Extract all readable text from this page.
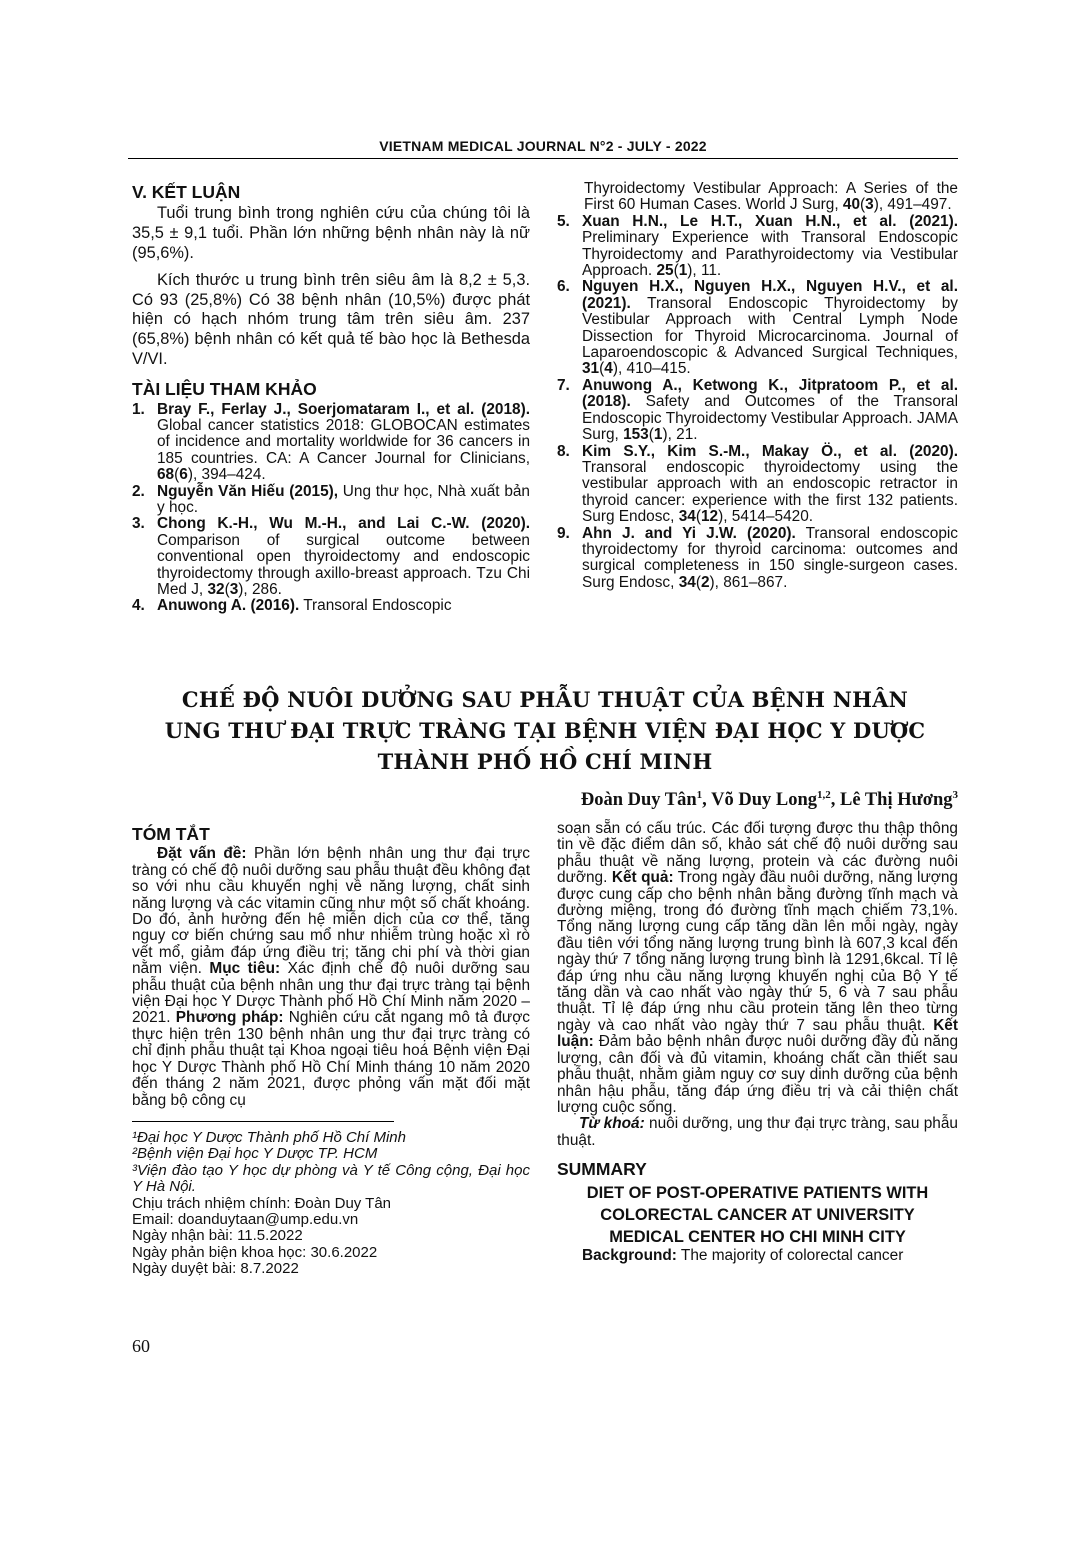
VIETNAM MEDICAL JOURNAL N°2 - JULY - 2022
V. KẾT LUẬN

Tuổi trung bình trong nghiên cứu của chúng tôi là 35,5 ± 9,1 tuổi. Phần lớn những bệnh nhân này là nữ (95,6%).

Kích thước u trung bình trên siêu âm là 8,2 ± 5,3. Có 93 (25,8%) Có 38 bệnh nhân (10,5%) được phát hiện có hạch nhóm trung tâm trên siêu âm. 237 (65,8%) bệnh nhân có kết quả tế bào học là Bethesda V/VI.

TÀI LIỆU THAM KHẢO
1. Bray F., Ferlay J., Soerjomataram I., et al. (2018). Global cancer statistics 2018: GLOBOCAN estimates of incidence and mortality worldwide for 36 cancers in 185 countries. CA: A Cancer Journal for Clinicians, 68(6), 394–424.
2. Nguyễn Văn Hiếu (2015), Ung thư học, Nhà xuất bản y học.
3. Chong K.-H., Wu M.-H., and Lai C.-W. (2020). Comparison of surgical outcome between conventional open thyroidectomy and endoscopic thyroidectomy through axillo-breast approach. Tzu Chi Med J, 32(3), 286.
4. Anuwong A. (2016). Transoral Endoscopic
Thyroidectomy Vestibular Approach: A Series of the First 60 Human Cases. World J Surg, 40(3), 491–497.
5. Xuan H.N., Le H.T., Xuan H.N., et al. (2021). Preliminary Experience with Transoral Endoscopic Thyroidectomy and Parathyroidectomy via Vestibular Approach. 25(1), 11.
6. Nguyen H.X., Nguyen H.X., Nguyen H.V., et al. (2021). Transoral Endoscopic Thyroidectomy by Vestibular Approach with Central Lymph Node Dissection for Thyroid Microcarcinoma. Journal of Laparoendoscopic & Advanced Surgical Techniques, 31(4), 410–415.
7. Anuwong A., Ketwong K., Jitpratoom P., et al. (2018). Safety and Outcomes of the Transoral Endoscopic Thyroidectomy Vestibular Approach. JAMA Surg, 153(1), 21.
8. Kim S.Y., Kim S.-M., Makay Ö., et al. (2020). Transoral endoscopic thyroidectomy using the vestibular approach with an endoscopic retractor in thyroid cancer: experience with the first 132 patients. Surg Endosc, 34(12), 5414–5420.
9. Ahn J. and Yi J.W. (2020). Transoral endoscopic thyroidectomy for thyroid carcinoma: outcomes and surgical completeness in 150 single-surgeon cases. Surg Endosc, 34(2), 861–867.
CHẾ ĐỘ NUÔI DƯỞNG SAU PHẪU THUẬT CỦA BỆNH NHÂN
UNG THƯ ĐẠI TRỰC TRÀNG TẠI BỆNH VIỆN ĐẠI HỌC Y DƯỢC
THÀNH PHỐ HỒ CHÍ MINH
Đoàn Duy Tân$^1$, Võ Duy Long$^{1,2}$, Lê Thị Hương$^3$
TÓM TẮT

Đặt vấn đề: Phần lớn bệnh nhân ung thư đại trực tràng có chế độ nuôi dưỡng sau phẫu thuật đều không đạt so với nhu cầu khuyến nghị về năng lượng, chất sinh năng lượng và các vitamin cũng như một số chất khoáng. Do đó, ảnh hưởng đến hệ miễn dịch của cơ thể, tăng nguy cơ biến chứng sau mổ như nhiễm trùng hoặc xì rò vết mổ, giảm đáp ứng điều trị; tăng chi phí và thời gian nằm viện. Mục tiêu: Xác định chế độ nuôi dưỡng sau phẫu thuật của bệnh nhân ung thư đại trực tràng tại bệnh viện Đại học Y Dược Thành phố Hồ Chí Minh năm 2020 – 2021. Phương pháp: Nghiên cứu cắt ngang mô tả được thực hiện trên 130 bệnh nhân ung thư đại trực tràng có chỉ định phẫu thuật tại Khoa ngoại tiêu hoá Bệnh viện Đại học Y Dược Thành phố Hồ Chí Minh tháng 10 năm 2020 đến tháng 2 năm 2021, được phỏng vấn mặt đối mặt bằng bộ công cụ

¹Đại học Y Dược Thành phố Hồ Chí Minh

²Bệnh viện Đại học Y Dược TP. HCM

³Viện đào tạo Y học dự phòng và Y tế Công cộng, Đại học Y Hà Nội.

Chịu trách nhiệm chính: Đoàn Duy Tân

Email: doanduytaan@ump.edu.vn

Ngày nhận bài: 11.5.2022

Ngày phản biện khoa học: 30.6.2022

Ngày duyệt bài: 8.7.2022

soạn sẵn có cấu trúc. Các đối tượng được thu thập thông tin về đặc điểm dân số, khảo sát chế độ nuôi dưỡng sau phẫu thuật về năng lượng, protein và các đường nuôi dưỡng. Kết quả: Trong ngày đầu nuôi dưỡng, năng lượng được cung cấp cho bệnh nhân bằng đường tĩnh mạch và đường miệng, trong đó đường tĩnh mạch chiếm 73,1%. Tổng năng lượng cung cấp tăng dần lên mỗi ngày, ngày đầu tiên với tổng năng lượng trung bình là 607,3 kcal đến ngày thứ 7 tổng năng lượng trung bình là 1291,6kcal. Tỉ lệ đáp ứng nhu cầu năng lượng khuyến nghị của Bộ Y tế tăng dần và cao nhất vào ngày thứ 5, 6 và 7 sau phẫu thuật. Tỉ lệ đáp ứng nhu cầu protein tăng lên theo từng ngày và cao nhất vào ngày thứ 7 sau phẫu thuật. Kết luận: Đảm bảo bệnh nhân được nuôi dưỡng đầy đủ năng lượng, cân đối và đủ vitamin, khoáng chất cần thiết sau phẫu thuật, nhằm giảm nguy cơ suy dinh dưỡng của bệnh nhân hậu phẫu, tăng đáp ứng điều trị và cải thiện chất lượng cuộc sống.

Từ khoá: nuôi dưỡng, ung thư đại trực tràng, sau phẫu thuật.

SUMMARY
DIET OF POST-OPERATIVE PATIENTS WITH
COLORECTAL CANCER AT UNIVERSITY
MEDICAL CENTER HO CHI MINH CITY

Background: The majority of colorectal cancer

60
